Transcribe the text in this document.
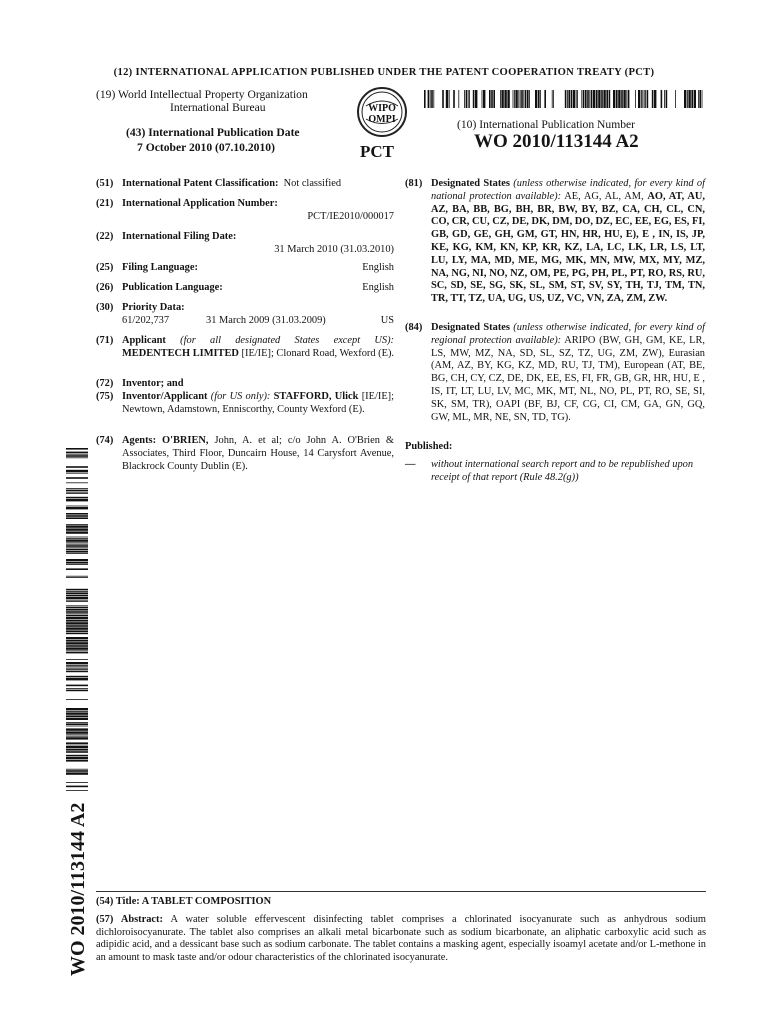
(12) INTERNATIONAL APPLICATION PUBLISHED UNDER THE PATENT COOPERATION TREATY (PCT)
(19) World Intellectual Property Organization
International Bureau
(43) International Publication Date
7 October 2010 (07.10.2010)
WIPO
OMPI
PCT
(10) International Publication Number
WO 2010/113144 A2
WO 2010/113144 A2
(51) International Patent Classification: Not classified
(21) International Application Number:
PCT/IE2010/000017
(22) International Filing Date:
31 March 2010 (31.03.2010)
(25) Filing Language:	English
(26) Publication Language:	English
(30) Priority Data:
61/202,737	31 March 2009 (31.03.2009)	US
(71) Applicant (for all designated States except US): MEDENTECH LIMITED [IE/IE]; Clonard Road, Wexford (E).
(72) Inventor; and
(75) Inventor/Applicant (for US only): STAFFORD, Ulick [IE/IE]; Newtown, Adamstown, Enniscorthy, County Wexford (E).
(74) Agents: O'BRIEN, John, A. et al; c/o John A. O'Brien & Associates, Third Floor, Duncairn House, 14 Carysfort Avenue, Blackrock County Dublin (E).
(81) Designated States (unless otherwise indicated, for every kind of national protection available): AE, AG, AL, AM, AO, AT, AU, AZ, BA, BB, BG, BH, BR, BW, BY, BZ, CA, CH, CL, CN, CO, CR, CU, CZ, DE, DK, DM, DO, DZ, EC, EE, EG, ES, FI, GB, GD, GE, GH, GM, GT, HN, HR, HU, E), E , IN, IS, JP, KE, KG, KM, KN, KP, KR, KZ, LA, LC, LK, LR, LS, LT, LU, LY, MA, MD, ME, MG, MK, MN, MW, MX, MY, MZ, NA, NG, NI, NO, NZ, OM, PE, PG, PH, PL, PT, RO, RS, RU, SC, SD, SE, SG, SK, SL, SM, ST, SV, SY, TH, TJ, TM, TN, TR, TT, TZ, UA, UG, US, UZ, VC, VN, ZA, ZM, ZW.
(84) Designated States (unless otherwise indicated, for every kind of regional protection available): ARIPO (BW, GH, GM, KE, LR, LS, MW, MZ, NA, SD, SL, SZ, TZ, UG, ZM, ZW), Eurasian (AM, AZ, BY, KG, KZ, MD, RU, TJ, TM), European (AT, BE, BG, CH, CY, CZ, DE, DK, EE, ES, FI, FR, GB, GR, HR, HU, E , IS, IT, LT, LU, LV, MC, MK, MT, NL, NO, PL, PT, RO, SE, SI, SK, SM, TR), OAPI (BF, BJ, CF, CG, CI, CM, GA, GN, GQ, GW, ML, MR, NE, SN, TD, TG).
Published:
— without international search report and to be republished upon receipt of that report (Rule 48.2(g))
(54) Title: A TABLET COMPOSITION
(57) Abstract: A water soluble effervescent disinfecting tablet comprises a chlorinated isocyanurate such as anhydrous sodium dichloroisocyanurate. The tablet also comprises an alkali metal bicarbonate such as sodium bicarbonate, an aliphatic carboxylic acid such as adipidic acid, and a dessicant base such as sodium carbonate. The tablet contains a masking agent, especially isoamyl acetate and/or L-methone in an amount to mask taste and/or odour characteristics of the chlorinated isocyanurate.
